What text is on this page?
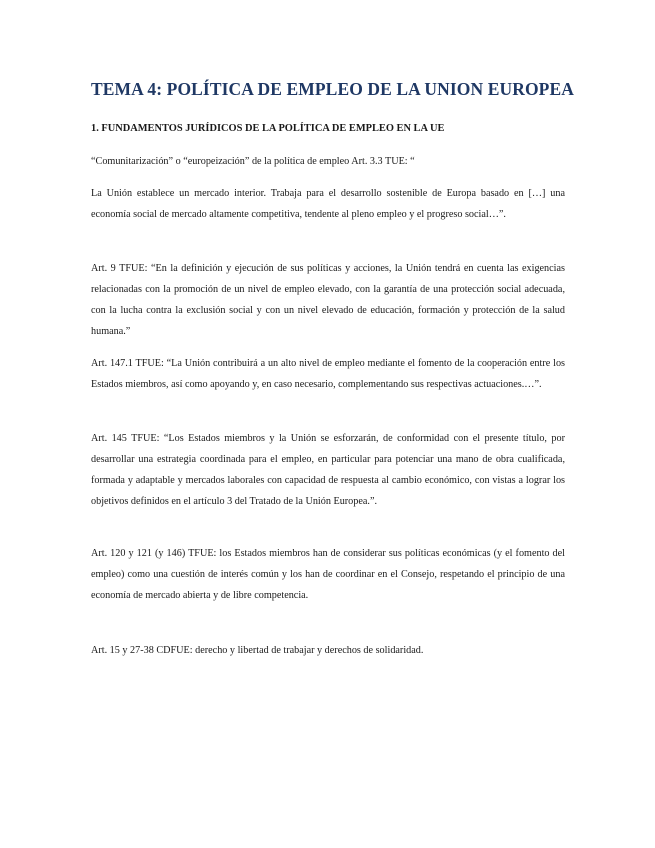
TEMA 4: POLÍTICA DE EMPLEO DE LA UNION EUROPEA
1. FUNDAMENTOS JURÍDICOS DE LA POLÍTICA DE EMPLEO EN LA UE

“Comunitarización” o “europeización” de la política de empleo Art. 3.3 TUE: “

La Unión establece un mercado interior. Trabaja para el desarrollo sostenible de Europa basado en […] una economía social de mercado altamente competitiva, tendente al pleno empleo y el progreso social…”.

Art. 9 TFUE: “En la definición y ejecución de sus políticas y acciones, la Unión tendrá en cuenta las exigencias relacionadas con la promoción de un nivel de empleo elevado, con la garantía de una protección social adecuada, con la lucha contra la exclusión social y con un nivel elevado de educación, formación y protección de la salud humana.”

Art. 147.1 TFUE: “La Unión contribuirá a un alto nivel de empleo mediante el fomento de la cooperación entre los Estados miembros, así como apoyando y, en caso necesario, complementando sus respectivas actuaciones.…”.

Art. 145 TFUE: “Los Estados miembros y la Unión se esforzarán, de conformidad con el presente título, por desarrollar una estrategia coordinada para el empleo, en particular para potenciar una mano de obra cualificada, formada y adaptable y mercados laborales con capacidad de respuesta al cambio económico, con vistas a lograr los objetivos definidos en el artículo 3 del Tratado de la Unión Europea.”.

Art. 120 y 121 (y 146) TFUE: los Estados miembros han de considerar sus políticas económicas (y el fomento del empleo) como una cuestión de interés común y los han de coordinar en el Consejo, respetando el principio de una economía de mercado abierta y de libre competencia.

Art. 15 y 27-38 CDFUE: derecho y libertad de trabajar y derechos de solidaridad.
